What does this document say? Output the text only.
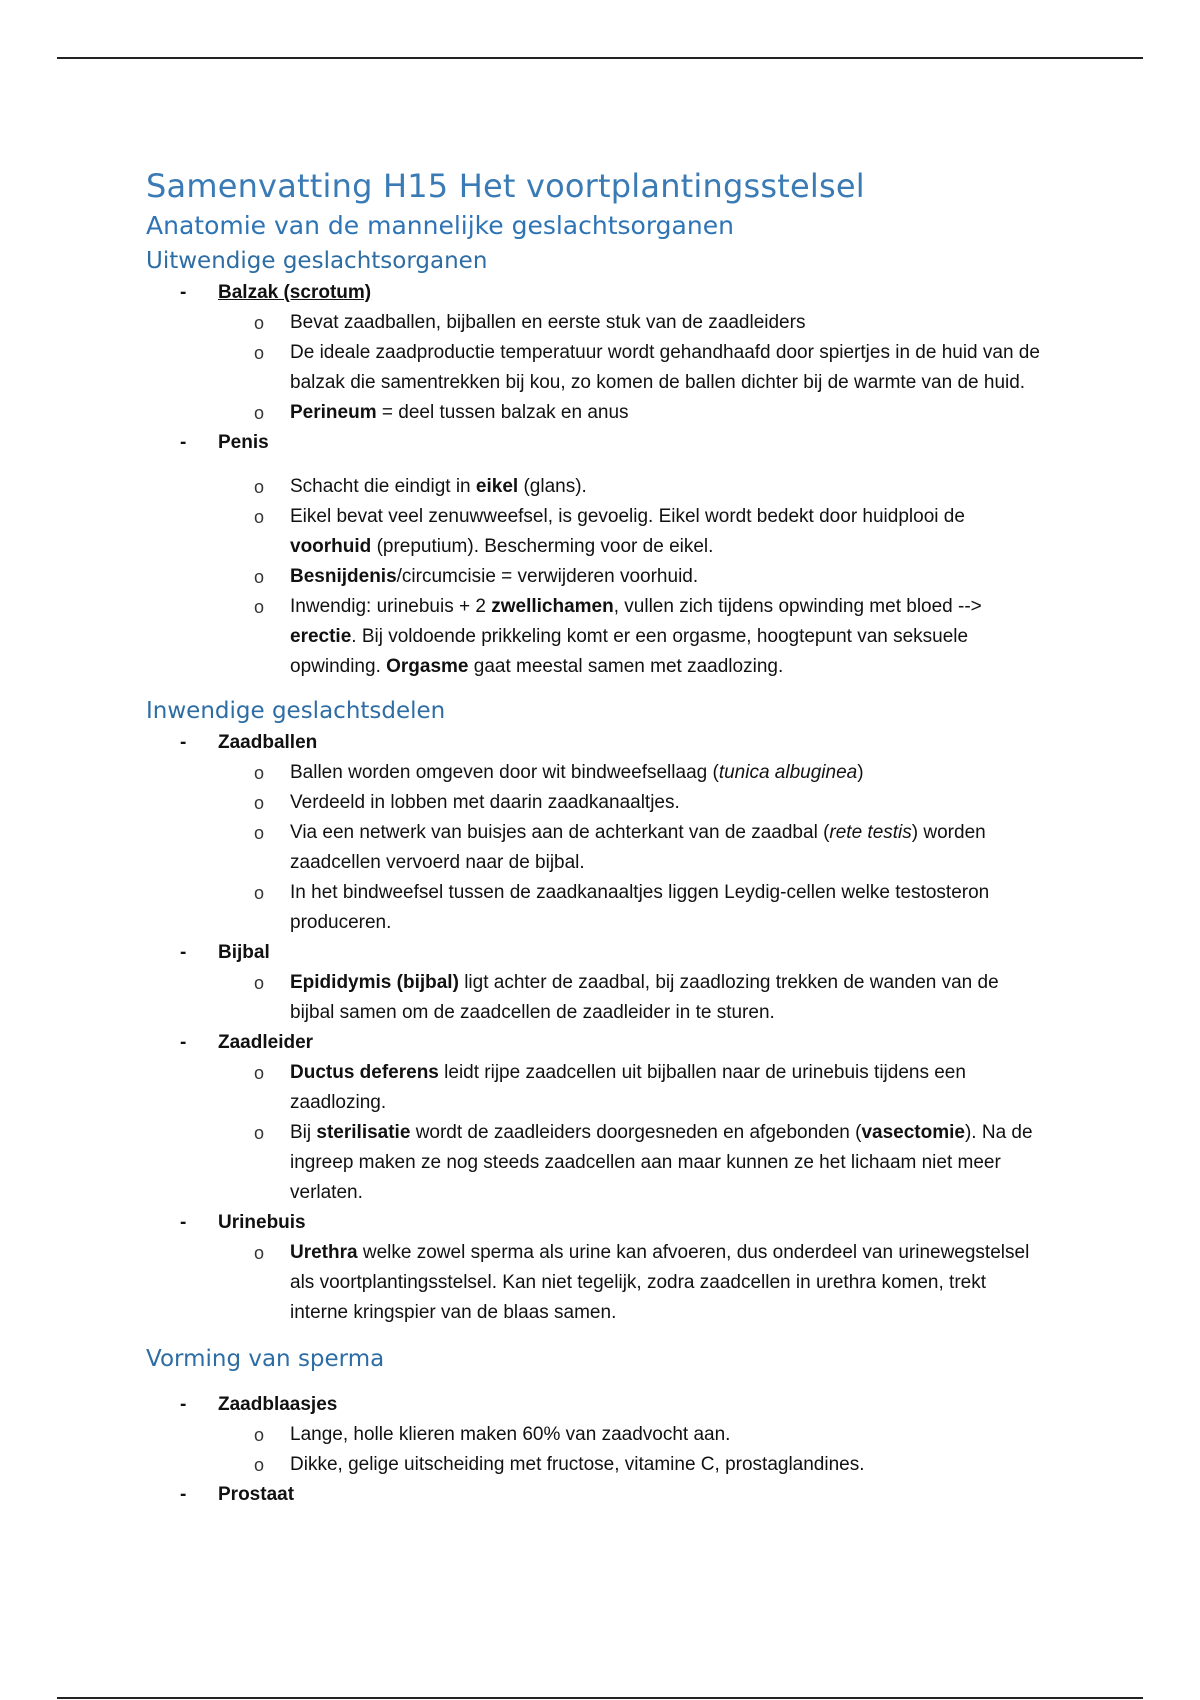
Samenvatting H15 Het voortplantingsstelsel
Anatomie van de mannelijke geslachtsorganen
Uitwendige geslachtsorganen
- Balzak (scrotum)
o Bevat zaadballen, bijballen en eerste stuk van de zaadleiders
o De ideale zaadproductie temperatuur wordt gehandhaafd door spiertjes in de huid van de balzak die samentrekken bij kou, zo komen de ballen dichter bij de warmte van de huid.
o Perineum = deel tussen balzak en anus
- Penis
o Schacht die eindigt in eikel (glans).
o Eikel bevat veel zenuwweefsel, is gevoelig. Eikel wordt bedekt door huidplooi de voorhuid (preputium). Bescherming voor de eikel.
o Besnijdenis/circumcisie = verwijderen voorhuid.
o Inwendig: urinebuis + 2 zwellichamen, vullen zich tijdens opwinding met bloed --> erectie. Bij voldoende prikkeling komt er een orgasme, hoogtepunt van seksuele opwinding. Orgasme gaat meestal samen met zaadlozing.
Inwendige geslachtsdelen
- Zaadballen
o Ballen worden omgeven door wit bindweefsellaag (tunica albuginea)
o Verdeeld in lobben met daarin zaadkanaaltjes.
o Via een netwerk van buisjes aan de achterkant van de zaadbal (rete testis) worden zaadcellen vervoerd naar de bijbal.
o In het bindweefsel tussen de zaadkanaaltjes liggen Leydig-cellen welke testosteron produceren.
- Bijbal
o Epididymis (bijbal) ligt achter de zaadbal, bij zaadlozing trekken de wanden van de bijbal samen om de zaadcellen de zaadleider in te sturen.
- Zaadleider
o Ductus deferens leidt rijpe zaadcellen uit bijballen naar de urinebuis tijdens een zaadlozing.
o Bij sterilisatie wordt de zaadleiders doorgesneden en afgebonden (vasectomie). Na de ingreep maken ze nog steeds zaadcellen aan maar kunnen ze het lichaam niet meer verlaten.
- Urinebuis
o Urethra welke zowel sperma als urine kan afvoeren, dus onderdeel van urinewegstelsel als voortplantingsstelsel. Kan niet tegelijk, zodra zaadcellen in urethra komen, trekt interne kringspier van de blaas samen.
Vorming van sperma
- Zaadblaasjes
o Lange, holle klieren maken 60% van zaadvocht aan.
o Dikke, gelige uitscheiding met fructose, vitamine C, prostaglandines.
- Prostaat
